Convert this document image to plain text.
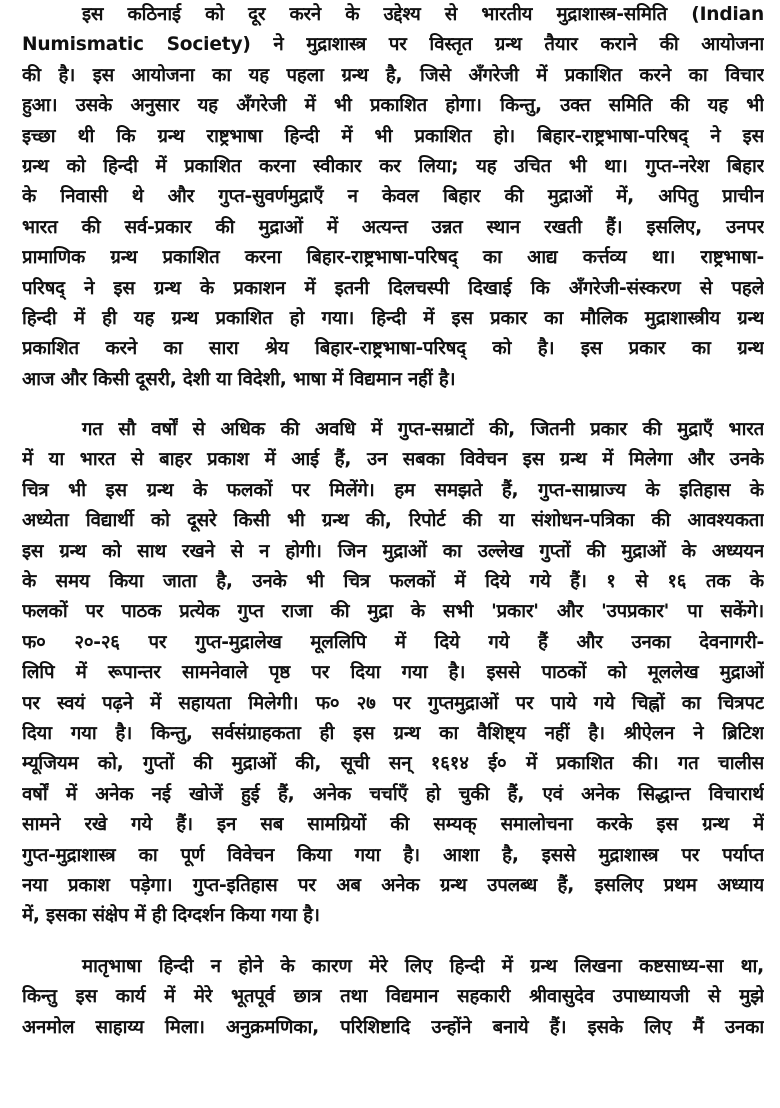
इस कठिनाई को दूर करने के उद्देश्य से भारतीय मुद्राशास्त्र-समिति (Indian
Numismatic Society) ने मुद्राशास्त्र पर विस्तृत ग्रन्थ तैयार कराने की आयोजना
की है। इस आयोजना का यह पहला ग्रन्थ है, जिसे अँगरेजी में प्रकाशित करने का विचार
हुआ। उसके अनुसार यह अँगरेजी में भी प्रकाशित होगा। किन्तु, उक्त समिति की यह भी
इच्छा थी कि ग्रन्थ राष्ट्रभाषा हिन्दी में भी प्रकाशित हो। बिहार-राष्ट्रभाषा-परिषद् ने इस
ग्रन्थ को हिन्दी में प्रकाशित करना स्वीकार कर लिया; यह उचित भी था। गुप्त-नरेश बिहार
के निवासी थे और गुप्त-सुवर्णमुद्राएँ न केवल बिहार की मुद्राओं में, अपितु प्राचीन
भारत की सर्व-प्रकार की मुद्राओं में अत्यन्त उन्नत स्थान रखती हैं। इसलिए, उनपर
प्रामाणिक ग्रन्थ प्रकाशित करना बिहार-राष्ट्रभाषा-परिषद् का आद्य कर्त्तव्य था। राष्ट्रभाषा-
परिषद् ने इस ग्रन्थ के प्रकाशन में इतनी दिलचस्पी दिखाई कि अँगरेजी-संस्करण से पहले
हिन्दी में ही यह ग्रन्थ प्रकाशित हो गया। हिन्दी में इस प्रकार का मौलिक मुद्राशास्त्रीय ग्रन्थ
प्रकाशित करने का सारा श्रेय बिहार-राष्ट्रभाषा-परिषद् को है। इस प्रकार का ग्रन्थ
आज और किसी दूसरी, देशी या विदेशी, भाषा में विद्यमान नहीं है।
गत सौ वर्षों से अधिक की अवधि में गुप्त-सम्राटों की, जितनी प्रकार की मुद्राएँ भारत
में या भारत से बाहर प्रकाश में आई हैं, उन सबका विवेचन इस ग्रन्थ में मिलेगा और उनके
चित्र भी इस ग्रन्थ के फलकों पर मिलेंगे। हम समझते हैं, गुप्त-साम्राज्य के इतिहास के
अध्येता विद्यार्थी को दूसरे किसी भी ग्रन्थ की, रिपोर्ट की या संशोधन-पत्रिका की आवश्यकता
इस ग्रन्थ को साथ रखने से न होगी। जिन मुद्राओं का उल्लेख गुप्तों की मुद्राओं के अध्ययन
के समय किया जाता है, उनके भी चित्र फलकों में दिये गये हैं। १ से १६ तक के
फलकों पर पाठक प्रत्येक गुप्त राजा की मुद्रा के सभी 'प्रकार' और 'उपप्रकार' पा सकेंगे।
फ० २०-२६ पर गुप्त-मुद्रालेख मूललिपि में दिये गये हैं और उनका देवनागरी-
लिपि में रूपान्तर सामनेवाले पृष्ठ पर दिया गया है। इससे पाठकों को मूललेख मुद्राओं
पर स्वयं पढ़ने में सहायता मिलेगी। फ० २७ पर गुप्तमुद्राओं पर पाये गये चिह्नों का चित्रपट
दिया गया है। किन्तु, सर्वसंग्राहकता ही इस ग्रन्थ का वैशिष्ट्य नहीं है। श्रीऐलन ने ब्रिटिश
म्यूजियम को, गुप्तों की मुद्राओं की, सूची सन् १६१४ ई० में प्रकाशित की। गत चालीस
वर्षों में अनेक नई खोजें हुई हैं, अनेक चर्चाएँ हो चुकी हैं, एवं अनेक सिद्धान्त विचारार्थ
सामने रखे गये हैं। इन सब सामग्रियों की सम्यक् समालोचना करके इस ग्रन्थ में
गुप्त-मुद्राशास्त्र का पूर्ण विवेचन किया गया है। आशा है, इससे मुद्राशास्त्र पर पर्याप्त
नया प्रकाश पड़ेगा। गुप्त-इतिहास पर अब अनेक ग्रन्थ उपलब्ध हैं, इसलिए प्रथम अध्याय
में, इसका संक्षेप में ही दिग्दर्शन किया गया है।
मातृभाषा हिन्दी न होने के कारण मेरे लिए हिन्दी में ग्रन्थ लिखना कष्टसाध्य-सा था,
किन्तु इस कार्य में मेरे भूतपूर्व छात्र तथा विद्यमान सहकारी श्रीवासुदेव उपाध्यायजी से मुझे
अनमोल साहाय्य मिला। अनुक्रमणिका, परिशिष्टादि उन्होंने बनाये हैं। इसके लिए मैं उनका
